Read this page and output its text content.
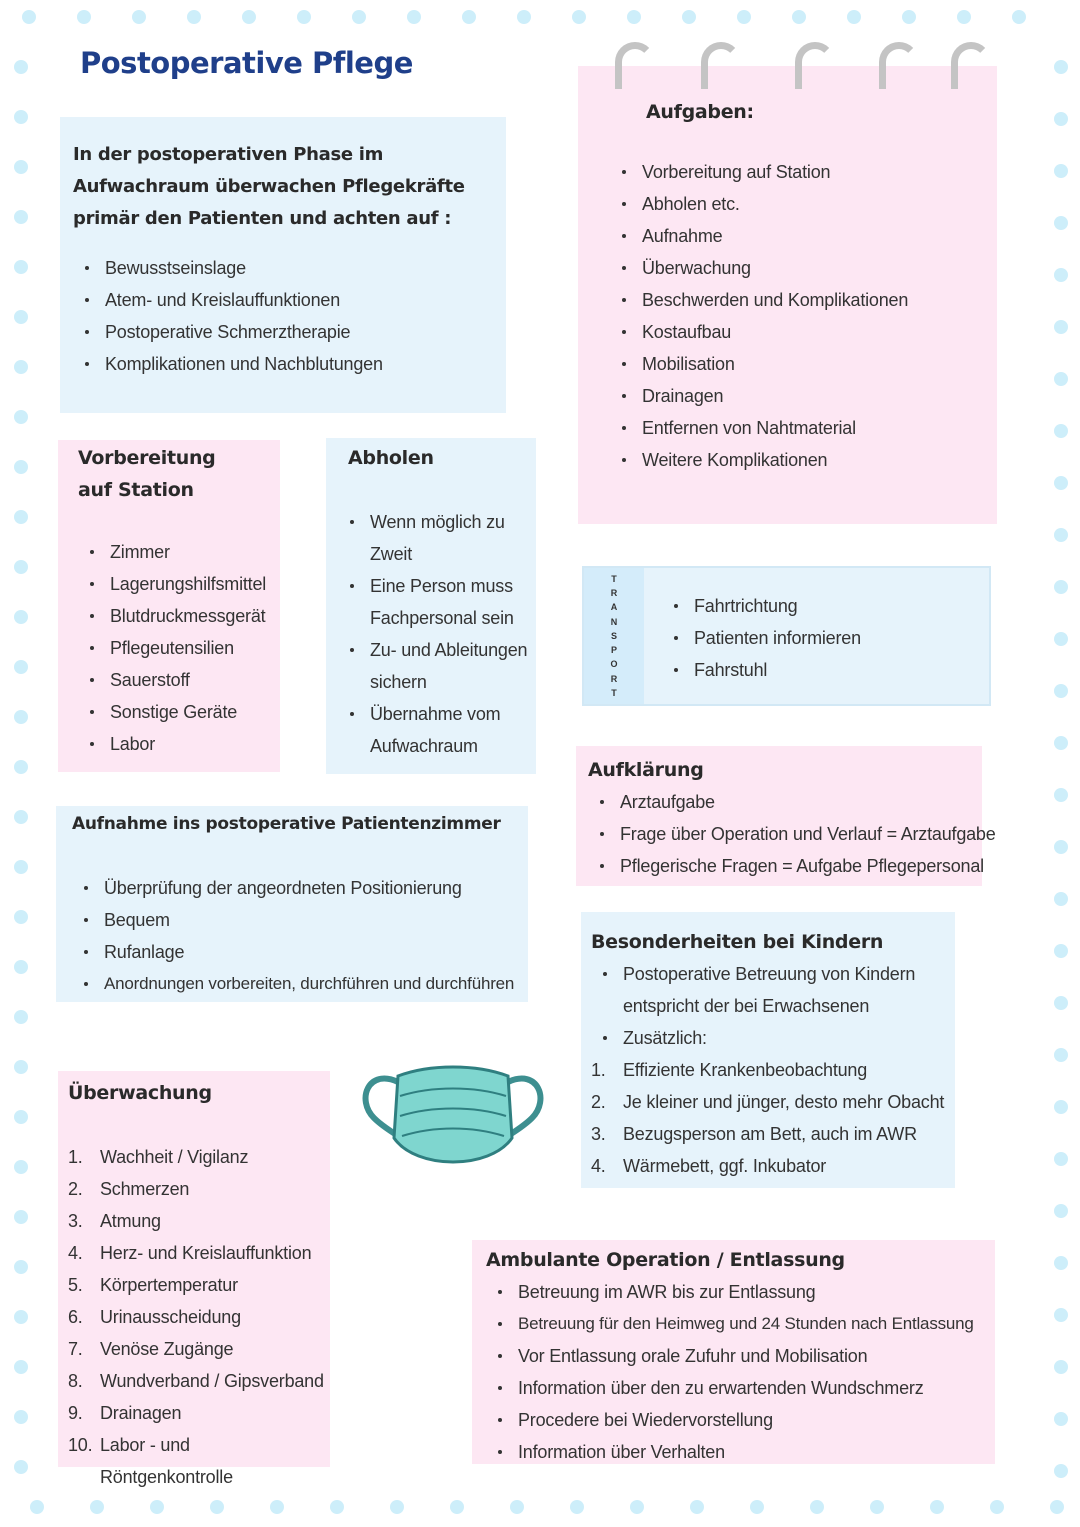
Postoperative Pflege
In der postoperativen Phase im Aufwachraum überwachen Pflegekräfte primär den Patienten und achten auf :
Bewusstseinslage
Atem- und Kreislauffunktionen
Postoperative Schmerztherapie
Komplikationen und Nachblutungen
Aufgaben:
Vorbereitung auf Station
Abholen etc.
Aufnahme
Überwachung
Beschwerden und Komplikationen
Kostaufbau
Mobilisation
Drainagen
Entfernen von Nahtmaterial
Weitere Komplikationen
Vorbereitung auf Station
Zimmer
Lagerungshilfsmittel
Blutdruckmessgerät
Pflegeutensilien
Sauerstoff
Sonstige Geräte
Labor
Abholen
Wenn möglich zu Zweit
Eine Person muss Fachpersonal sein
Zu- und Ableitungen sichern
Übernahme vom Aufwachraum
TRANSPORT
Fahrtrichtung
Patienten informieren
Fahrstuhl
Aufklärung
Arztaufgabe
Frage über Operation und Verlauf = Arztaufgabe
Pflegerische Fragen = Aufgabe Pflegepersonal
Aufnahme ins postoperative Patientenzimmer
Überprüfung der angeordneten Positionierung
Bequem
Rufanlage
Anordnungen vorbereiten, durchführen und durchführen
Besonderheiten bei Kindern
Postoperative Betreuung von Kindern entspricht der bei Erwachsenen
Zusätzlich:
1. Effiziente Krankenbeobachtung
2. Je kleiner und jünger, desto mehr Obacht
3. Bezugsperson am Bett, auch im AWR
4. Wärmebett, ggf. Inkubator
Überwachung
1. Wachheit / Vigilanz
2. Schmerzen
3. Atmung
4. Herz- und Kreislauffunktion
5. Körpertemperatur
6. Urinausscheidung
7. Venöse Zugänge
8. Wundverband / Gipsverband
9. Drainagen
10. Labor - und Röntgenkontrolle
Ambulante Operation / Entlassung
Betreuung im AWR bis zur Entlassung
Betreuung für den Heimweg und 24 Stunden nach Entlassung
Vor Entlassung orale Zufuhr und Mobilisation
Information über den zu erwartenden Wundschmerz
Procedere bei Wiedervorstellung
Information über Verhalten
